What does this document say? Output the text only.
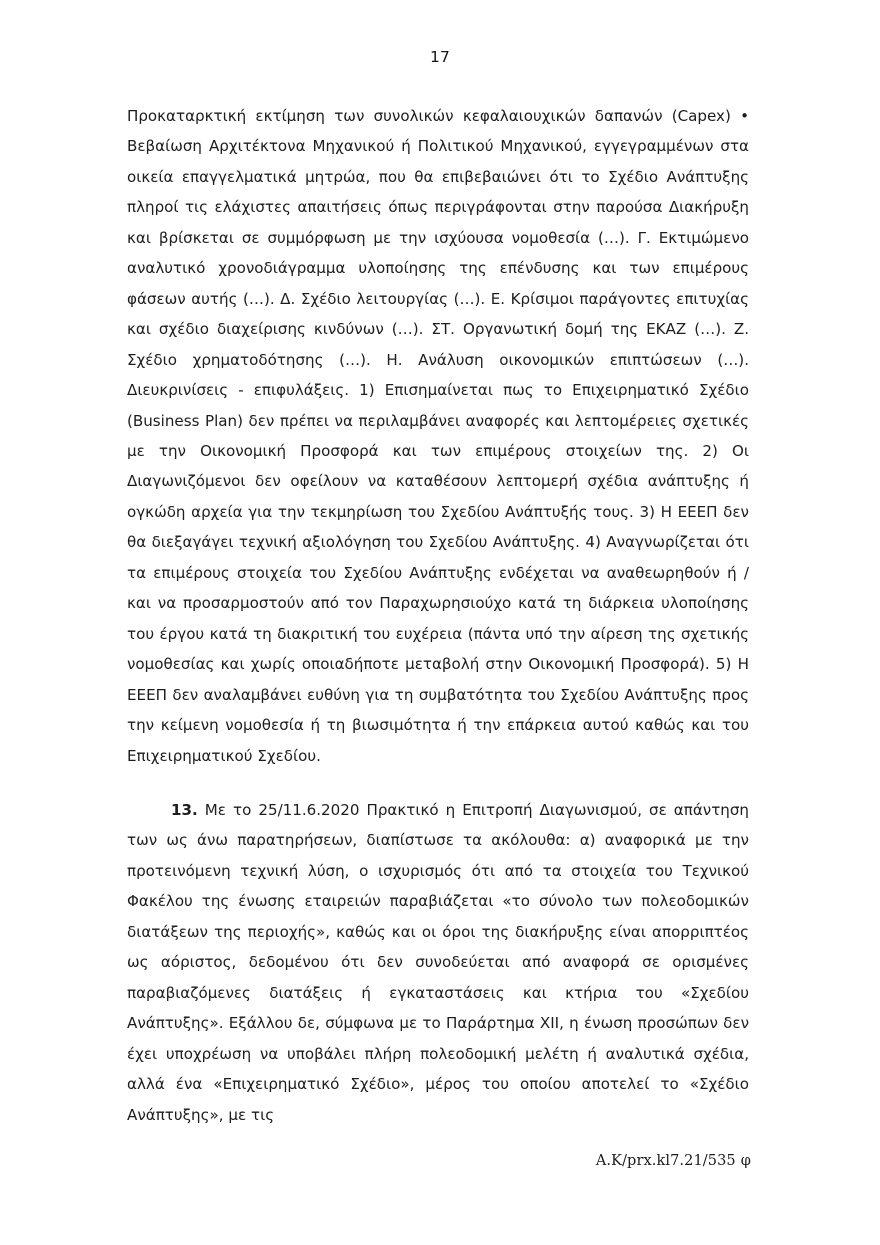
17

Προκαταρκτική εκτίμηση των συνολικών κεφαλαιουχικών δαπανών (Capex) • Βεβαίωση Αρχιτέκτονα Μηχανικού ή Πολιτικού Μηχανικού, εγγεγραμμένων στα οικεία επαγγελματικά μητρώα, που θα επιβεβαιώνει ότι το Σχέδιο Ανάπτυξης πληροί τις ελάχιστες απαιτήσεις όπως περιγράφονται στην παρούσα Διακήρυξη και βρίσκεται σε συμμόρφωση με την ισχύουσα νομοθεσία (…). Γ. Εκτιμώμενο αναλυτικό χρονοδιάγραμμα υλοποίησης της επένδυσης και των επιμέρους φάσεων αυτής (…). Δ. Σχέδιο λειτουργίας (…). Ε. Κρίσιμοι παράγοντες επιτυχίας και σχέδιο διαχείρισης κινδύνων (…). ΣΤ. Οργανωτική δομή της ΕΚΑΖ (…). Ζ. Σχέδιο χρηματοδότησης (…). Η. Ανάλυση οικονομικών επιπτώσεων (…). Διευκρινίσεις - επιφυλάξεις. 1) Επισημαίνεται πως το Επιχειρηματικό Σχέδιο (Business Plan) δεν πρέπει να περιλαμβάνει αναφορές και λεπτομέρειες σχετικές με την Οικονομική Προσφορά και των επιμέρους στοιχείων της. 2) Οι Διαγωνιζόμενοι δεν οφείλουν να καταθέσουν λεπτομερή σχέδια ανάπτυξης ή ογκώδη αρχεία για την τεκμηρίωση του Σχεδίου Ανάπτυξής τους. 3) Η ΕΕΕΠ δεν θα διεξαγάγει τεχνική αξιολόγηση του Σχεδίου Ανάπτυξης. 4) Αναγνωρίζεται ότι τα επιμέρους στοιχεία του Σχεδίου Ανάπτυξης ενδέχεται να αναθεωρηθούν ή / και να προσαρμοστούν από τον Παραχωρησιούχο κατά τη διάρκεια υλοποίησης του έργου κατά τη διακριτική του ευχέρεια (πάντα υπό την αίρεση της σχετικής νομοθεσίας και χωρίς οποιαδήποτε μεταβολή στην Οικονομική Προσφορά). 5) Η ΕΕΕΠ δεν αναλαμβάνει ευθύνη για τη συμβατότητα του Σχεδίου Ανάπτυξης προς την κείμενη νομοθεσία ή τη βιωσιμότητα ή την επάρκεια αυτού καθώς και του Επιχειρηματικού Σχεδίου.

13. Με το 25/11.6.2020 Πρακτικό η Επιτροπή Διαγωνισμού, σε απάντηση των ως άνω παρατηρήσεων, διαπίστωσε τα ακόλουθα: α) αναφορικά με την προτεινόμενη τεχνική λύση, ο ισχυρισμός ότι από τα στοιχεία του Τεχνικού Φακέλου της ένωσης εταιρειών παραβιάζεται «το σύνολο των πολεοδομικών διατάξεων της περιοχής», καθώς και οι όροι της διακήρυξης είναι απορριπτέος ως αόριστος, δεδομένου ότι δεν συνοδεύεται από αναφορά σε ορισμένες παραβιαζόμενες διατάξεις ή εγκαταστάσεις και κτήρια του «Σχεδίου Ανάπτυξης». Εξάλλου δε, σύμφωνα με το Παράρτημα XII, η ένωση προσώπων δεν έχει υποχρέωση να υποβάλει πλήρη πολεοδομική μελέτη ή αναλυτικά σχέδια, αλλά ένα «Επιχειρηματικό Σχέδιο», μέρος του οποίου αποτελεί το «Σχέδιο Ανάπτυξης», με τις

Α.Κ/prx.kl7.21/535 φ
